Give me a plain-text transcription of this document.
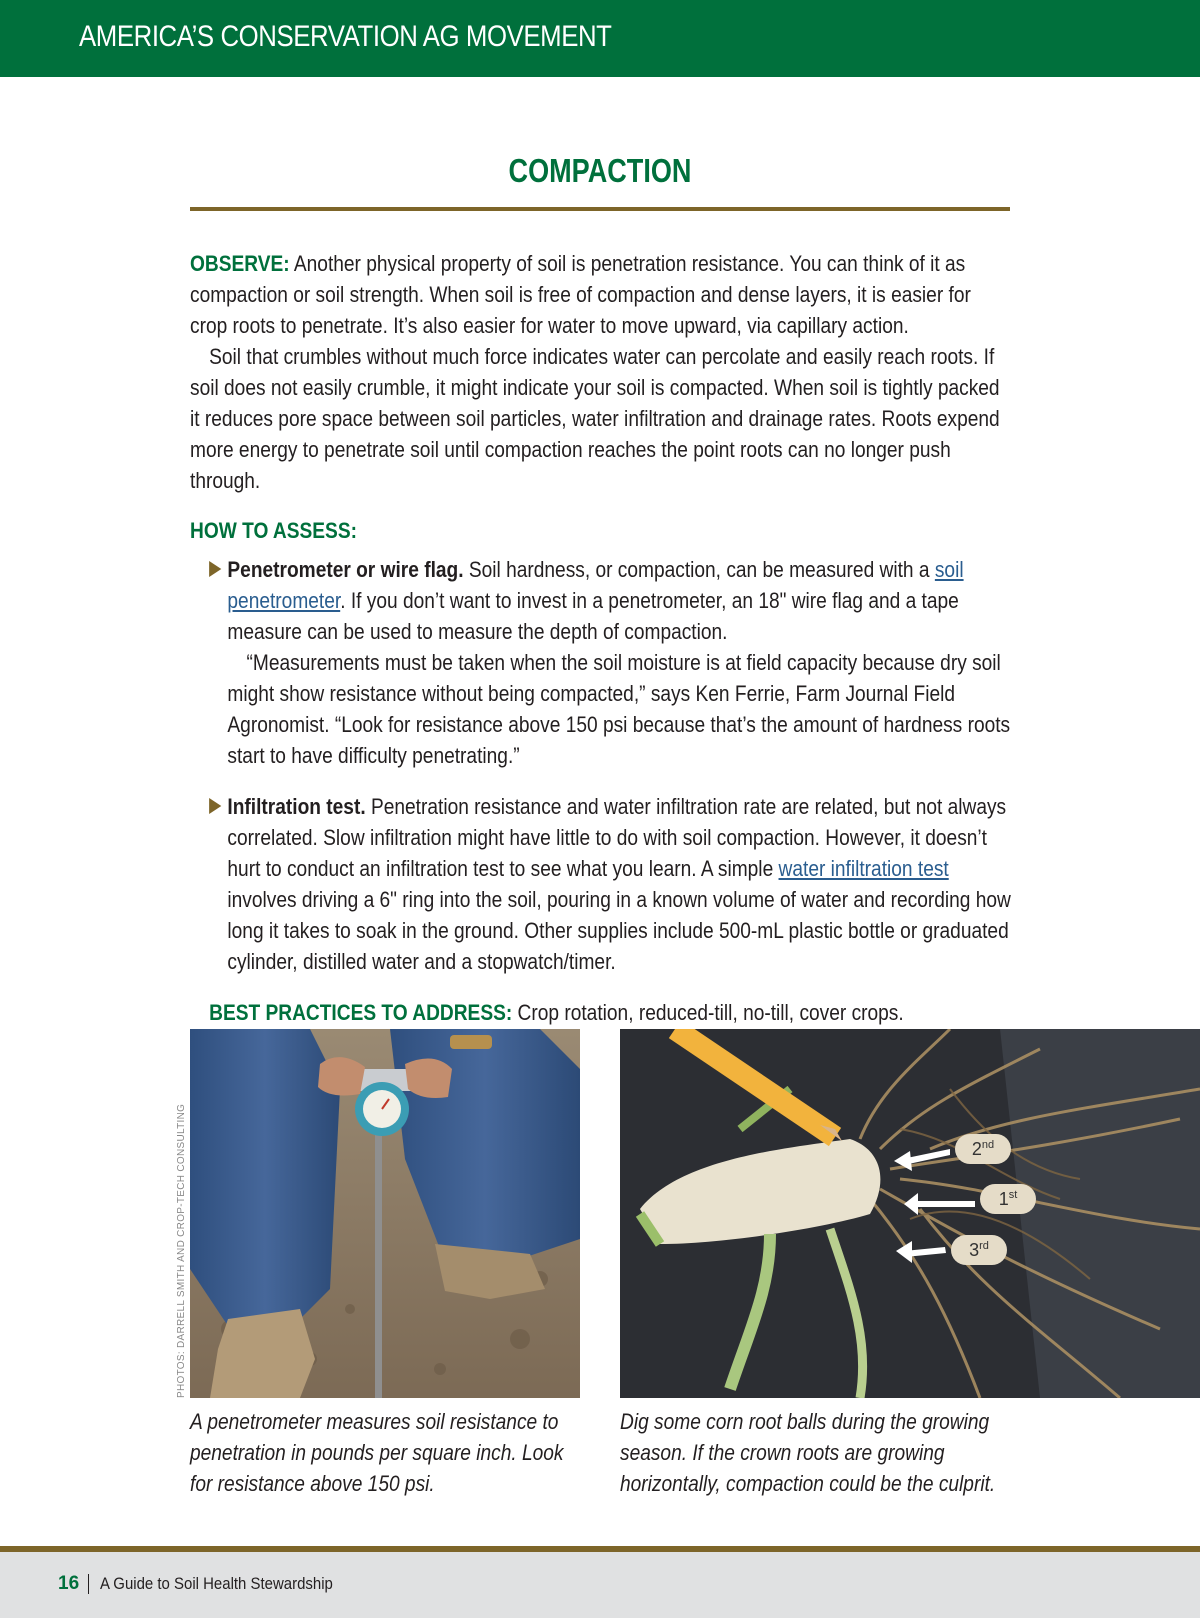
AMERICA’S CONSERVATION AG MOVEMENT
COMPACTION

OBSERVE: Another physical property of soil is penetration resistance. You can think of it as compaction or soil strength. When soil is free of compaction and dense layers, it is easier for crop roots to penetrate. It’s also easier for water to move upward, via capillary action.

Soil that crumbles without much force indicates water can percolate and easily reach roots. If soil does not easily crumble, it might indicate your soil is compacted. When soil is tightly packed it reduces pore space between soil particles, water infiltration and drainage rates. Roots expend more energy to penetrate soil until compaction reaches the point roots can no longer push through.

HOW TO ASSESS:

Penetrometer or wire flag. Soil hardness, or compaction, can be measured with a soil penetrometer. If you don’t want to invest in a penetrometer, an 18" wire flag and a tape measure can be used to measure the depth of compaction.

“Measurements must be taken when the soil moisture is at field capacity because dry soil might show resistance without being compacted,” says Ken Ferrie, Farm Journal Field Agronomist. “Look for resistance above 150 psi because that’s the amount of hardness roots start to have difficulty penetrating.”

Infiltration test. Penetration resistance and water infiltration rate are related, but not always correlated. Slow infiltration might have little to do with soil compaction. However, it doesn’t hurt to conduct an infiltration test to see what you learn. A simple water infiltration test involves driving a 6" ring into the soil, pouring in a known volume of water and recording how long it takes to soak in the ground. Other supplies include 500-mL plastic bottle or graduated cylinder, distilled water and a stopwatch/timer.

BEST PRACTICES TO ADDRESS: Crop rotation, reduced-till, no-till, cover crops.

PHOTOS: DARRELL SMITH AND CROP-TECH CONSULTING	2nd
1st
3rd
A penetrometer measures soil resistance to penetration in pounds per square inch. Look for resistance above 150 psi.
Dig some corn root balls during the growing season. If the crown roots are growing horizontally, compaction could be the culprit.
16 A Guide to Soil Health Stewardship
